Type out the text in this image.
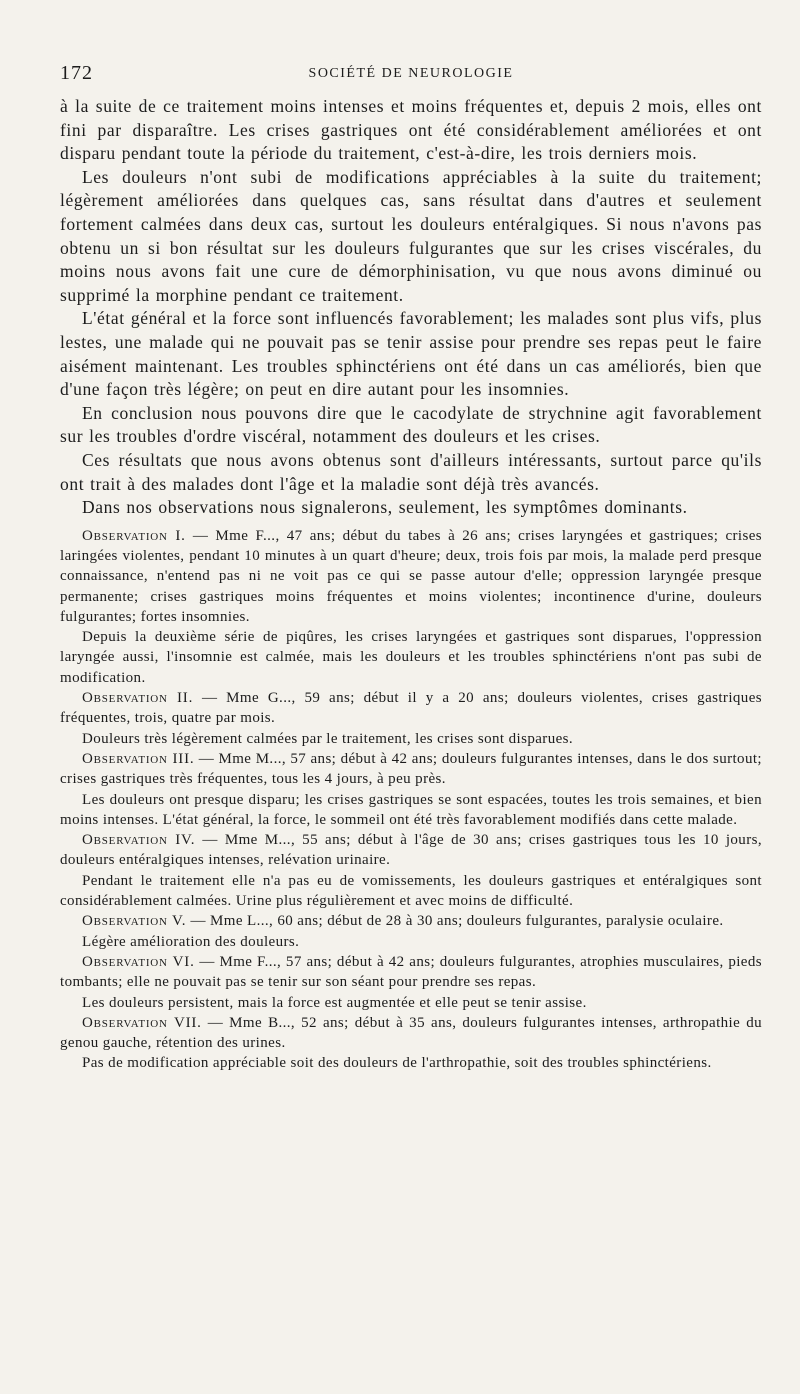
172	SOCIÉTÉ DE NEUROLOGIE

à la suite de ce traitement moins intenses et moins fréquentes et, depuis 2 mois, elles ont fini par disparaître. Les crises gastriques ont été considérablement améliorées et ont disparu pendant toute la période du traitement, c'est-à-dire, les trois derniers mois.

Les douleurs n'ont subi de modifications appréciables à la suite du traitement; légèrement améliorées dans quelques cas, sans résultat dans d'autres et seulement fortement calmées dans deux cas, surtout les douleurs entéralgiques. Si nous n'avons pas obtenu un si bon résultat sur les douleurs fulgurantes que sur les crises viscérales, du moins nous avons fait une cure de démorphinisation, vu que nous avons diminué ou supprimé la morphine pendant ce traitement.

L'état général et la force sont influencés favorablement; les malades sont plus vifs, plus lestes, une malade qui ne pouvait pas se tenir assise pour prendre ses repas peut le faire aisément maintenant. Les troubles sphinctériens ont été dans un cas améliorés, bien que d'une façon très légère; on peut en dire autant pour les insomnies.

En conclusion nous pouvons dire que le cacodylate de strychnine agit favorablement sur les troubles d'ordre viscéral, notamment des douleurs et les crises.

Ces résultats que nous avons obtenus sont d'ailleurs intéressants, surtout parce qu'ils ont trait à des malades dont l'âge et la maladie sont déjà très avancés.

Dans nos observations nous signalerons, seulement, les symptômes dominants.

Observation I. — Mme F..., 47 ans; début du tabes à 26 ans; crises laryngées et gastriques; crises laringées violentes, pendant 10 minutes à un quart d'heure; deux, trois fois par mois, la malade perd presque connaissance, n'entend pas ni ne voit pas ce qui se passe autour d'elle; oppression laryngée presque permanente; crises gastriques moins fréquentes et moins violentes; incontinence d'urine, douleurs fulgurantes; fortes insomnies.

Depuis la deuxième série de piqûres, les crises laryngées et gastriques sont disparues, l'oppression laryngée aussi, l'insomnie est calmée, mais les douleurs et les troubles sphinctériens n'ont pas subi de modification.

Observation II. — Mme G..., 59 ans; début il y a 20 ans; douleurs violentes, crises gastriques fréquentes, trois, quatre par mois.

Douleurs très légèrement calmées par le traitement, les crises sont disparues.

Observation III. — Mme M..., 57 ans; début à 42 ans; douleurs fulgurantes intenses, dans le dos surtout; crises gastriques très fréquentes, tous les 4 jours, à peu près.

Les douleurs ont presque disparu; les crises gastriques se sont espacées, toutes les trois semaines, et bien moins intenses. L'état général, la force, le sommeil ont été très favorablement modifiés dans cette malade.

Observation IV. — Mme M..., 55 ans; début à l'âge de 30 ans; crises gastriques tous les 10 jours, douleurs entéralgiques intenses, relévation urinaire.

Pendant le traitement elle n'a pas eu de vomissements, les douleurs gastriques et entéralgiques sont considérablement calmées. Urine plus régulièrement et avec moins de difficulté.

Observation V. — Mme L..., 60 ans; début de 28 à 30 ans; douleurs fulgurantes, paralysie oculaire.

Légère amélioration des douleurs.

Observation VI. — Mme F..., 57 ans; début à 42 ans; douleurs fulgurantes, atrophies musculaires, pieds tombants; elle ne pouvait pas se tenir sur son séant pour prendre ses repas.

Les douleurs persistent, mais la force est augmentée et elle peut se tenir assise.

Observation VII. — Mme B..., 52 ans; début à 35 ans, douleurs fulgurantes intenses, arthropathie du genou gauche, rétention des urines.

Pas de modification appréciable soit des douleurs de l'arthropathie, soit des troubles sphinctériens.
